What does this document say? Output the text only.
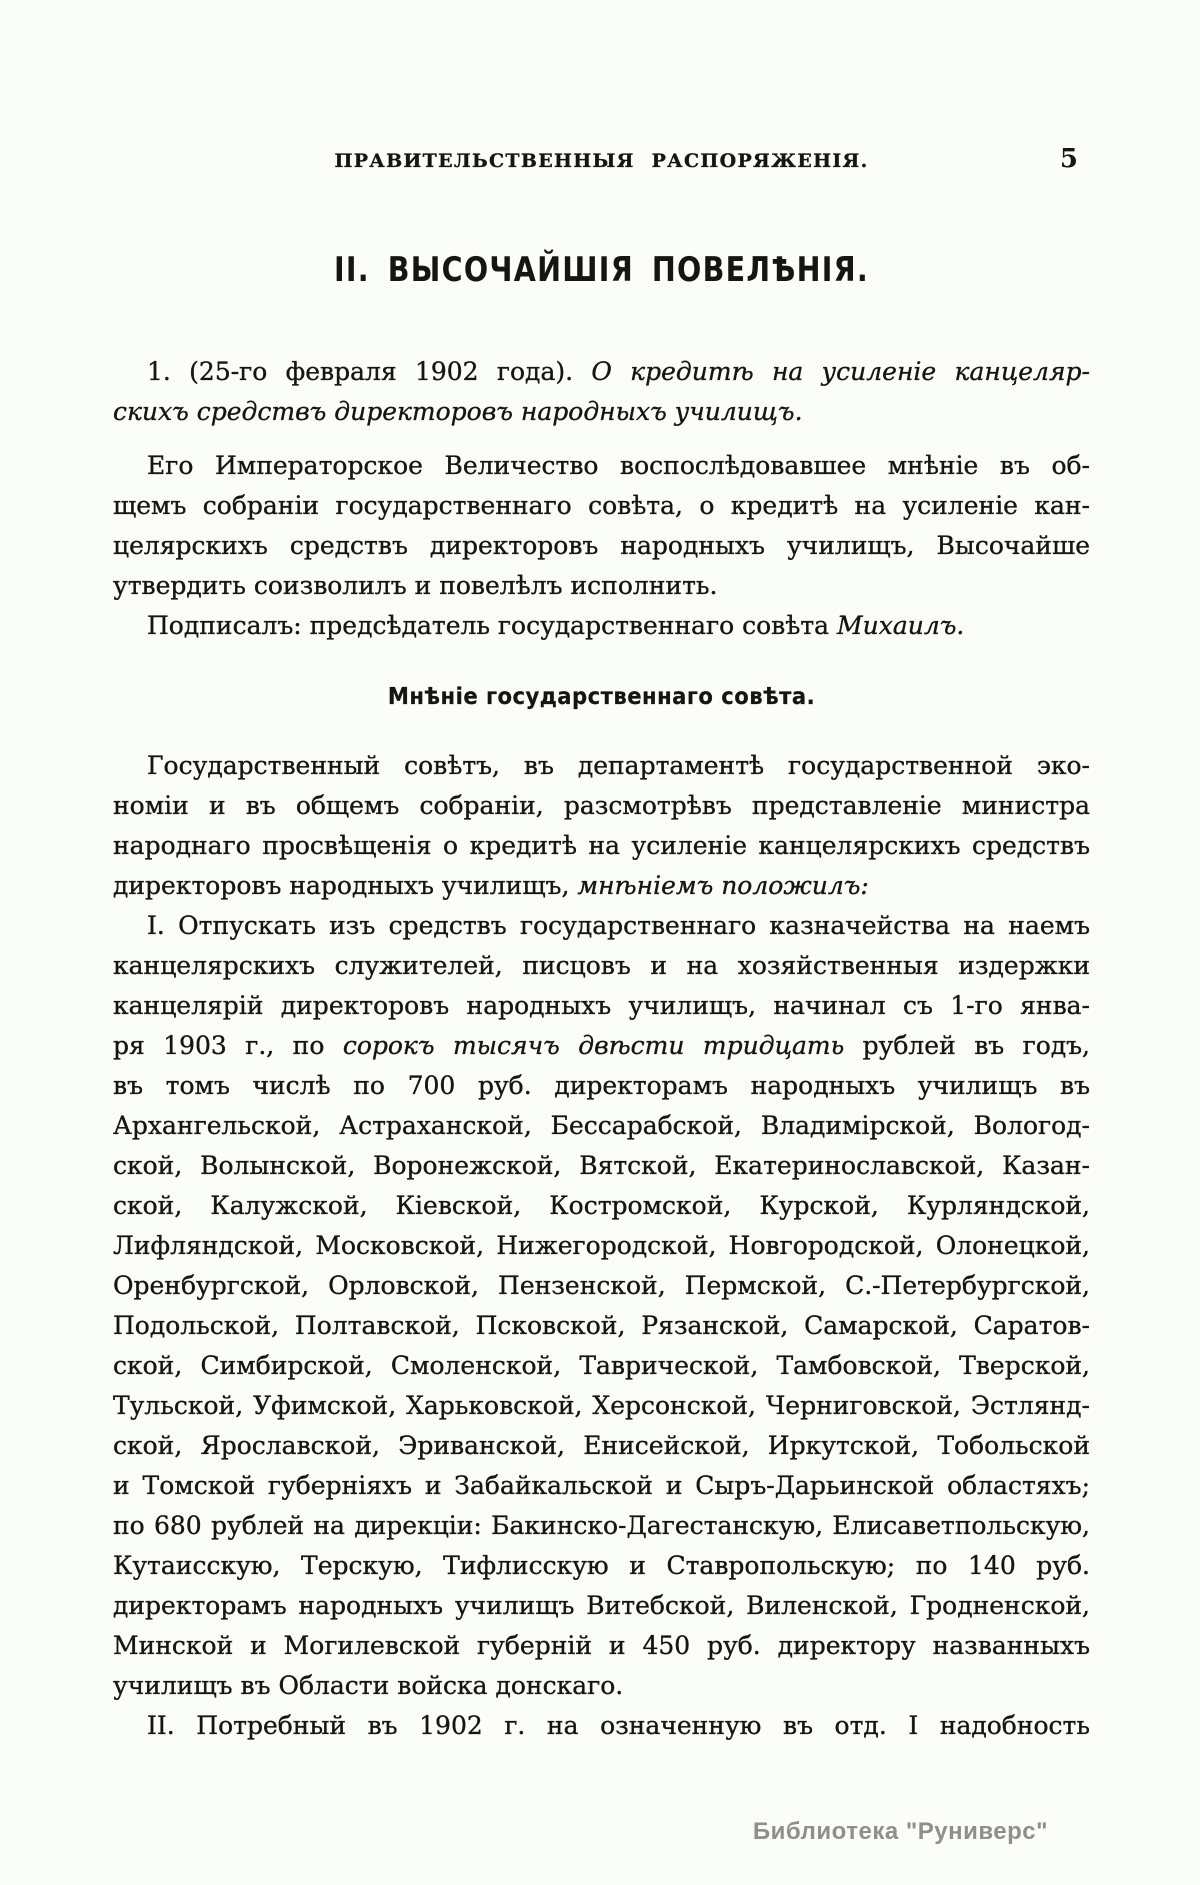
ПРАВИТЕЛЬСТВЕННЫЯ РАСПОРЯЖЕНІЯ.	5
II. ВЫСОЧАЙШІЯ ПОВЕЛѢНІЯ.
1. (25-го февраля 1902 года). О кредитѣ на усиленіе канцеляр-
скихъ средствъ директоровъ народныхъ училищъ.
Его Императорское Величество воспослѣдовавшее мнѣніе въ об-
щемъ собраніи государственнаго совѣта, о кредитѣ на усиленіе кан-
целярскихъ средствъ директоровъ народныхъ училищъ, Высочайше
утвердить соизволилъ и повелѣлъ исполнить.
Подписалъ: предсѣдатель государственнаго совѣта Михаилъ.
Мнѣніе государственнаго совѣта.
Государственный совѣтъ, въ департаментѣ государственной эко-
номіи и въ общемъ собраніи, разсмотрѣвъ представленіе министра
народнаго просвѣщенія о кредитѣ на усиленіе канцелярскихъ средствъ
директоровъ народныхъ училищъ, мнѣніемъ положилъ:
I. Отпускать изъ средствъ государственнаго казначейства на наемъ
канцелярскихъ служителей, писцовъ и на хозяйственныя издержки
канцелярій директоровъ народныхъ училищъ, начинал съ 1-го янва-
ря 1903 г., по сорокъ тысячъ двѣсти тридцать рублей въ годъ,
въ томъ числѣ по 700 руб. директорамъ народныхъ училищъ въ
Архангельской, Астраханской, Бессарабской, Владимірской, Вологод-
ской, Волынской, Воронежской, Вятской, Екатеринославской, Казан-
ской, Калужской, Кіевской, Костромской, Курской, Курляндской,
Лифляндской, Московской, Нижегородской, Новгородской, Олонецкой,
Оренбургской, Орловской, Пензенской, Пермской, С.-Петербургской,
Подольской, Полтавской, Псковской, Рязанской, Самарской, Саратов-
ской, Симбирской, Смоленской, Таврической, Тамбовской, Тверской,
Тульской, Уфимской, Харьковской, Херсонской, Черниговской, Эстлянд-
ской, Ярославской, Эриванской, Енисейской, Иркутской, Тобольской
и Томской губерніяхъ и Забайкальской и Сыръ-Дарьинской областяхъ;
по 680 рублей на дирекціи: Бакинско-Дагестанскую, Елисаветпольскую,
Кутаисскую, Терскую, Тифлисскую и Ставропольскую; по 140 руб.
директорамъ народныхъ училищъ Витебской, Виленской, Гродненской,
Минской и Могилевской губерній и 450 руб. директору названныхъ
училищъ въ Области войска донскаго.
II. Потребный въ 1902 г. на означенную въ отд. I надобность
Библиотека "Руниверс"
